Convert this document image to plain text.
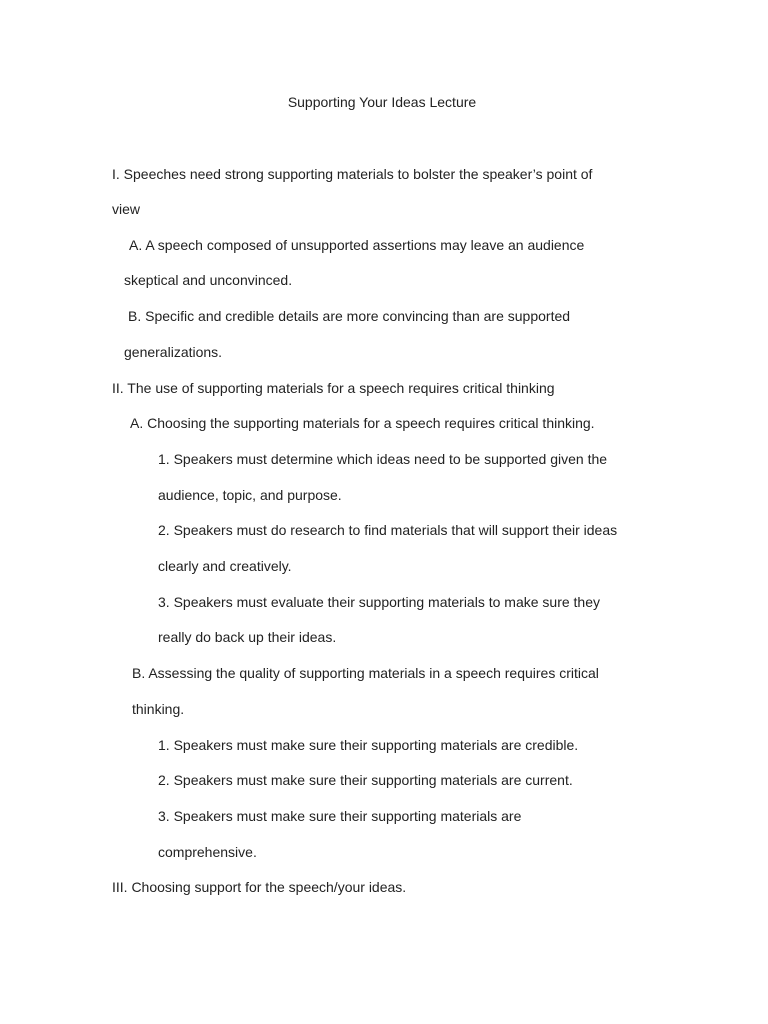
Supporting Your Ideas Lecture

I. Speeches need strong supporting materials to bolster the speaker’s point of

view

A. A speech composed of unsupported assertions may leave an audience

skeptical and unconvinced.

B. Specific and credible details are more convincing than are supported

generalizations.

II. The use of supporting materials for a speech requires critical thinking

A. Choosing the supporting materials for a speech requires critical thinking.

1. Speakers must determine which ideas need to be supported given the

audience, topic, and purpose.

2. Speakers must do research to find materials that will support their ideas

clearly and creatively.

3. Speakers must evaluate their supporting materials to make sure they

really do back up their ideas.

B. Assessing the quality of supporting materials in a speech requires critical

thinking.

1. Speakers must make sure their supporting materials are credible.

2. Speakers must make sure their supporting materials are current.

3. Speakers must make sure their supporting materials are

comprehensive.

III. Choosing support for the speech/your ideas.
